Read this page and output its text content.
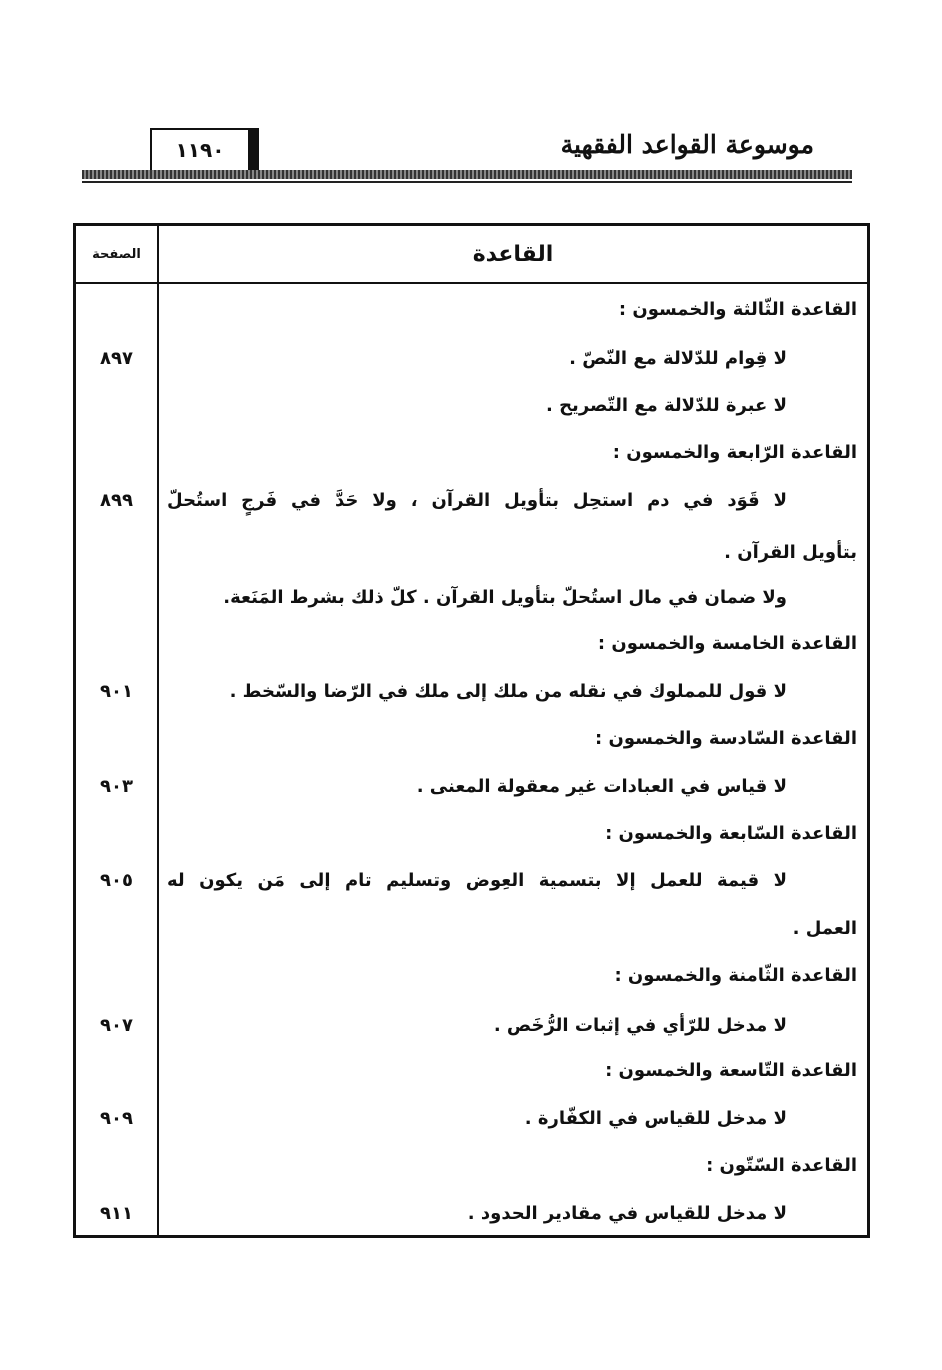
موسوعة القواعد الفقهية
١١٩٠
القاعدة
الصفحة
القاعدة الثّالثة والخمسون :
لا قِوام للدّلالة مع النّصّ .
٨٩٧
لا عبرة للدّلالة مع التّصريح .
القاعدة الرّابعة والخمسون :
لا قَوَد في دم استحِل بتأويل القرآن ، ولا حَدَّ في فَرجٍ استُحلّ
٨٩٩
بتأويل القرآن .
ولا ضمان في مال استُحلّ بتأويل القرآن . كلّ ذلك بشرط المَنَعة.
القاعدة الخامسة والخمسون :
لا قول للمملوك في نقله من ملك إلى ملك في الرّضا والسّخط .
٩٠١
القاعدة السّادسة والخمسون :
لا قياس في العبادات غير معقولة المعنى .
٩٠٣
القاعدة السّابعة والخمسون :
لا قيمة للعمل إلا بتسمية العِوض وتسليم تام إلى مَن يكون له
٩٠٥
العمل .
القاعدة الثّامنة والخمسون :
لا مدخل للرّأي في إثبات الرُّخَص .
٩٠٧
القاعدة التّاسعة والخمسون :
لا مدخل للقياس في الكفّارة .
٩٠٩
القاعدة السّتّون :
لا مدخل للقياس في مقادير الحدود .
٩١١
